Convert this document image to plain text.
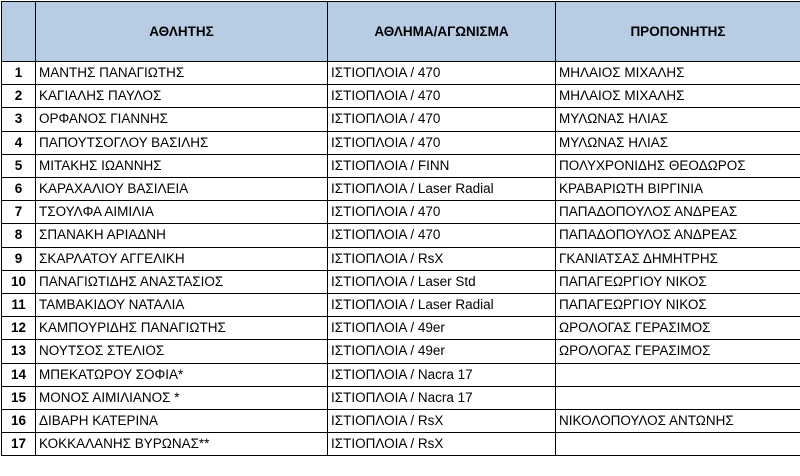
	ΑΘΛΗΤΗΣ	ΑΘΛΗΜΑ/ΑΓΩΝΙΣΜΑ	ΠΡΟΠΟΝΗΤΗΣ
1	ΜΑΝΤΗΣ ΠΑΝΑΓΙΩΤΗΣ	ΙΣΤΙΟΠΛΟΙΑ / 470	ΜΗΛΑΙΟΣ ΜΙΧΑΛΗΣ
2	ΚΑΓΙΑΛΗΣ ΠΑΥΛΟΣ	ΙΣΤΙΟΠΛΟΙΑ / 470	ΜΗΛΑΙΟΣ ΜΙΧΑΛΗΣ
3	ΟΡΦΑΝΟΣ ΓΙΑΝΝΗΣ	ΙΣΤΙΟΠΛΟΙΑ / 470	ΜΥΛΩΝΑΣ ΗΛΙΑΣ
4	ΠΑΠΟΥΤΣΟΓΛΟΥ ΒΑΣΙΛΗΣ	ΙΣΤΙΟΠΛΟΙΑ / 470	ΜΥΛΩΝΑΣ ΗΛΙΑΣ
5	ΜΙΤΑΚΗΣ ΙΩΑΝΝΗΣ	ΙΣΤΙΟΠΛΟΙΑ / FINN	ΠΟΛΥΧΡΟΝΙΔΗΣ ΘΕΟΔΩΡΟΣ
6	ΚΑΡΑΧΑΛΙΟΥ ΒΑΣΙΛΕΙΑ	ΙΣΤΙΟΠΛΟΙΑ / Laser Radial	ΚΡΑΒΑΡΙΩΤΗ ΒΙΡΓΙΝΙΑ
7	ΤΣΟΥΛΦΑ ΑΙΜΙΛΙΑ	ΙΣΤΙΟΠΛΟΙΑ / 470	ΠΑΠΑΔΟΠΟΥΛΟΣ ΑΝΔΡΕΑΣ
8	ΣΠΑΝΑΚΗ ΑΡΙΑΔΝΗ	ΙΣΤΙΟΠΛΟΙΑ / 470	ΠΑΠΑΔΟΠΟΥΛΟΣ ΑΝΔΡΕΑΣ
9	ΣΚΑΡΛΑΤΟΥ ΑΓΓΕΛΙΚΗ	ΙΣΤΙΟΠΛΟΙΑ / RsX	ΓΚΑΝΙΑΤΣΑΣ ΔΗΜΗΤΡΗΣ
10	ΠΑΝΑΓΙΩΤΙΔΗΣ ΑΝΑΣΤΑΣΙΟΣ	ΙΣΤΙΟΠΛΟΙΑ / Laser Std	ΠΑΠΑΓΕΩΡΓΙΟΥ ΝΙΚΟΣ
11	ΤΑΜΒΑΚΙΔΟΥ ΝΑΤΑΛΙΑ	ΙΣΤΙΟΠΛΟΙΑ / Laser Radial	ΠΑΠΑΓΕΩΡΓΙΟΥ ΝΙΚΟΣ
12	ΚΑΜΠΟΥΡΙΔΗΣ ΠΑΝΑΓΙΩΤΗΣ	ΙΣΤΙΟΠΛΟΙΑ / 49er	ΩΡΟΛΟΓΑΣ ΓΕΡΑΣΙΜΟΣ
13	ΝΟΥΤΣΟΣ ΣΤΕΛΙΟΣ	ΙΣΤΙΟΠΛΟΙΑ / 49er	ΩΡΟΛΟΓΑΣ ΓΕΡΑΣΙΜΟΣ
14	ΜΠΕΚΑΤΩΡΟΥ ΣΟΦΙΑ*	ΙΣΤΙΟΠΛΟΙΑ / Nacra 17	
15	ΜΟΝΟΣ ΑΙΜΙΛΙΑΝΟΣ *	ΙΣΤΙΟΠΛΟΙΑ / Nacra 17	
16	ΔΙΒΑΡΗ ΚΑΤΕΡΙΝΑ	ΙΣΤΙΟΠΛΟΙΑ / RsX	ΝΙΚΟΛΟΠΟΥΛΟΣ ΑΝΤΩΝΗΣ
17	ΚΟΚΚΑΛΑΝΗΣ ΒΥΡΩΝΑΣ**	ΙΣΤΙΟΠΛΟΙΑ / RsX	
